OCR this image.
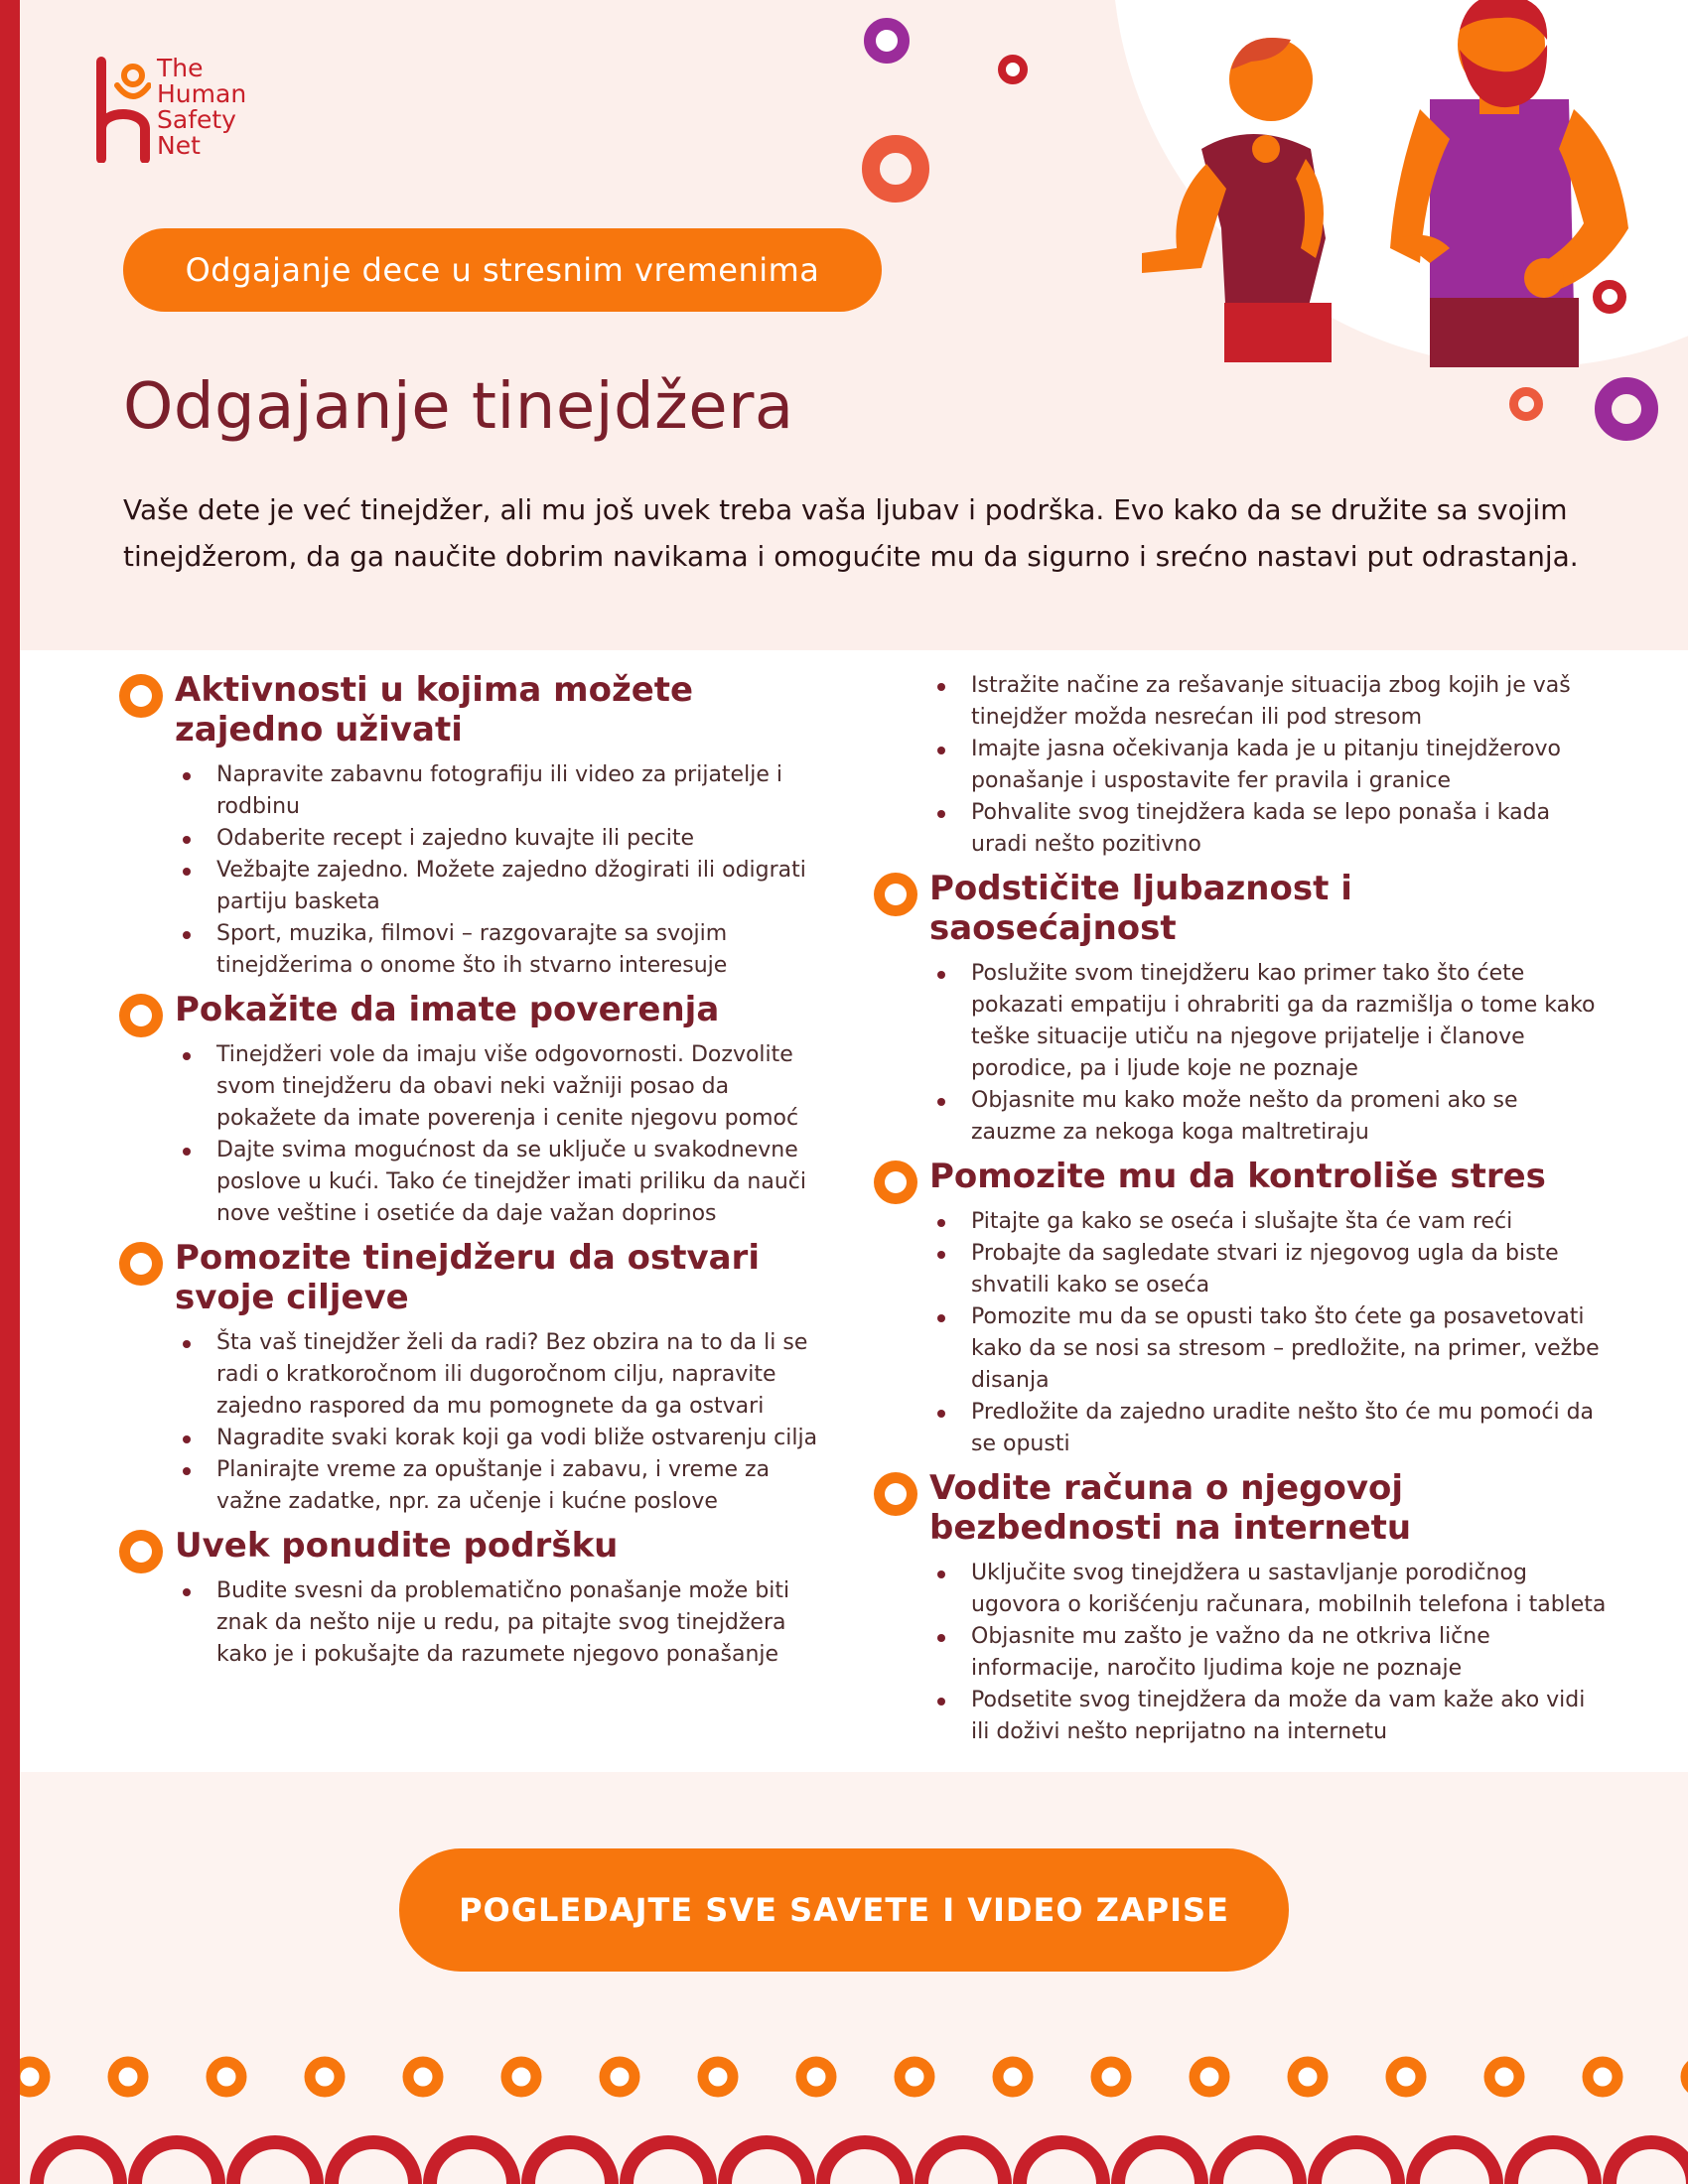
The
Human
Safety
Net
Odgajanje dece u stresnim vremenima
Odgajanje tinejdžera
Vaše dete je već tinejdžer, ali mu još uvek treba vaša ljubav i podrška. Evo kako da se družite sa svojim tinejdžerom, da ga naučite dobrim navikama i omogućite mu da sigurno i srećno nastavi put odrastanja.
Aktivnosti u kojima možete zajedno uživati
Napravite zabavnu fotografiju ili video za prijatelje i rodbinu
Odaberite recept i zajedno kuvajte ili pecite
Vežbajte zajedno. Možete zajedno džogirati ili odigrati partiju basketa
Sport, muzika, filmovi – razgovarajte sa svojim tinejdžerima o onome što ih stvarno interesuje
Pokažite da imate poverenja
Tinejdžeri vole da imaju više odgovornosti. Dozvolite svom tinejdžeru da obavi neki važniji posao da pokažete da imate poverenja i cenite njegovu pomoć
Dajte svima mogućnost da se uključe u svakodnevne poslove u kući. Tako će tinejdžer imati priliku da nauči nove veštine i osetiće da daje važan doprinos
Pomozite tinejdžeru da ostvari svoje ciljeve
Šta vaš tinejdžer želi da radi? Bez obzira na to da li se radi o kratkoročnom ili dugoročnom cilju, napravite zajedno raspored da mu pomognete da ga ostvari
Nagradite svaki korak koji ga vodi bliže ostvarenju cilja
Planirajte vreme za opuštanje i zabavu, i vreme za važne zadatke, npr. za učenje i kućne poslove
Uvek ponudite podršku
Budite svesni da problematično ponašanje može biti znak da nešto nije u redu, pa pitajte svog tinejdžera kako je i pokušajte da razumete njegovo ponašanje
Istražite načine za rešavanje situacija zbog kojih je vaš tinejdžer možda nesrećan ili pod stresom
Imajte jasna očekivanja kada je u pitanju tinejdžerovo ponašanje i uspostavite fer pravila i granice
Pohvalite svog tinejdžera kada se lepo ponaša i kada uradi nešto pozitivno
Podstičite ljubaznost i saosećajnost
Poslužite svom tinejdžeru kao primer tako što ćete pokazati empatiju i ohrabriti ga da razmišlja o tome kako teške situacije utiču na njegove prijatelje i članove porodice, pa i ljude koje ne poznaje
Objasnite mu kako može nešto da promeni ako se zauzme za nekoga koga maltretiraju
Pomozite mu da kontroliše stres
Pitajte ga kako se oseća i slušajte šta će vam reći
Probajte da sagledate stvari iz njegovog ugla da biste shvatili kako se oseća
Pomozite mu da se opusti tako što ćete ga posavetovati kako da se nosi sa stresom – predložite, na primer, vežbe disanja
Predložite da zajedno uradite nešto što će mu pomoći da se opusti
Vodite računa o njegovoj bezbednosti na internetu
Uključite svog tinejdžera u sastavljanje porodičnog ugovora o korišćenju računara, mobilnih telefona i tableta
Objasnite mu zašto je važno da ne otkriva lične informacije, naročito ljudima koje ne poznaje
Podsetite svog tinejdžera da može da vam kaže ako vidi ili doživi nešto neprijatno na internetu
POGLEDAJTE SVE SAVETE I VIDEO ZAPISE
